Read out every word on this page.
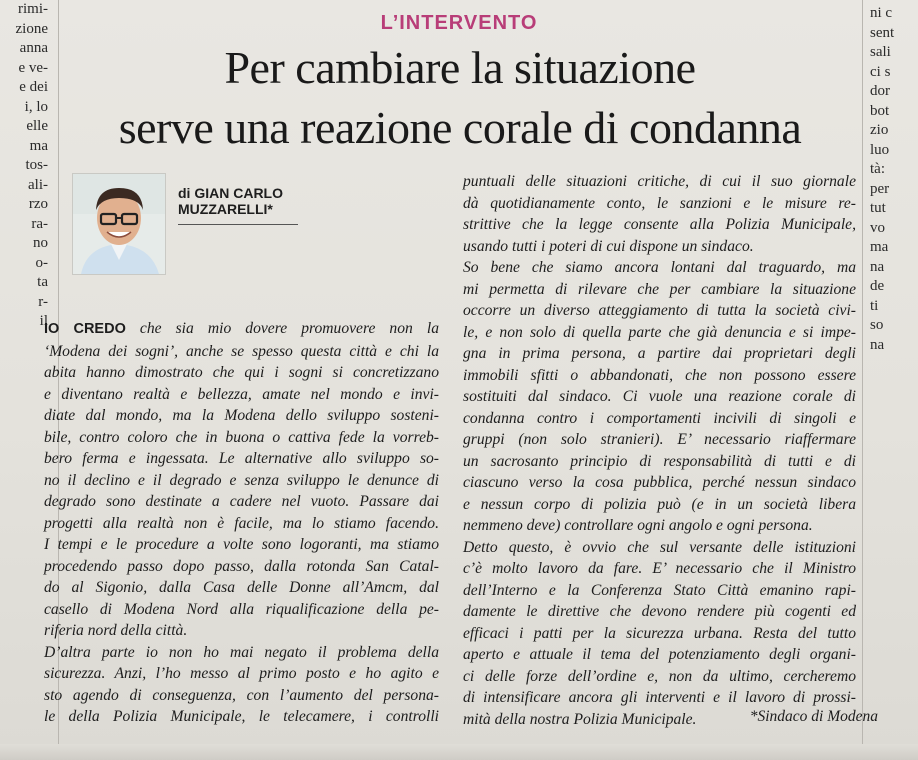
rimi-
zione
anna
e ve-
e dei
i, lo
elle
ma
tos-
ali-
rzo
ra-
no
o-
ta
r-
il
ni c
sent
sali
ci s
dor
bot
zio
luo
tà:
per
tut
vo
ma
na
de
ti
so
na
L’INTERVENTO
Per cambiare la situazione
serve una reazione corale di condanna
di GIAN CARLO
MUZZARELLI*

IO CREDO che sia mio dovere promuovere non la

‘Modena dei sogni’, anche se spesso questa città e chi la

abita hanno dimostrato che qui i sogni si concretizzano

e diventano realtà e bellezza, amate nel mondo e invi-

diate dal mondo, ma la Modena dello sviluppo sosteni-

bile, contro coloro che in buona o cattiva fede la vorreb-

bero ferma e ingessata. Le alternative allo sviluppo so-

no il declino e il degrado e senza sviluppo le denunce di

degrado sono destinate a cadere nel vuoto. Passare dai

progetti alla realtà non è facile, ma lo stiamo facendo.

I tempi e le procedure a volte sono logoranti, ma stiamo

procedendo passo dopo passo, dalla rotonda San Catal-

do al Sigonio, dalla Casa delle Donne all’Amcm, dal

casello di Modena Nord alla riqualificazione della pe-

riferia nord della città.

D’altra parte io non ho mai negato il problema della

sicurezza. Anzi, l’ho messo al primo posto e ho agito e

sto agendo di conseguenza, con l’aumento del persona-

le della Polizia Municipale, le telecamere, i controlli

puntuali delle situazioni critiche, di cui il suo giornale

dà quotidianamente conto, le sanzioni e le misure re-

strittive che la legge consente alla Polizia Municipale,

usando tutti i poteri di cui dispone un sindaco.

So bene che siamo ancora lontani dal traguardo, ma

mi permetta di rilevare che per cambiare la situazione

occorre un diverso atteggiamento di tutta la società civi-

le, e non solo di quella parte che già denuncia e si impe-

gna in prima persona, a partire dai proprietari degli

immobili sfitti o abbandonati, che non possono essere

sostituiti dal sindaco. Ci vuole una reazione corale di

condanna contro i comportamenti incivili di singoli e

gruppi (non solo stranieri). E’ necessario riaffermare

un sacrosanto principio di responsabilità di tutti e di

ciascuno verso la cosa pubblica, perché nessun sindaco

e nessun corpo di polizia può (e in un società libera

nemmeno deve) controllare ogni angolo e ogni persona.

Detto questo, è ovvio che sul versante delle istituzioni

c’è molto lavoro da fare. E’ necessario che il Ministro

dell’Interno e la Conferenza Stato Città emanino rapi-

damente le direttive che devono rendere più cogenti ed

efficaci i patti per la sicurezza urbana. Resta del tutto

aperto e attuale il tema del potenziamento degli organi-

ci delle forze dell’ordine e, non da ultimo, cercheremo

di intensificare ancora gli interventi e il lavoro di prossi-

mità della nostra Polizia Municipale.	*Sindaco di Modena
